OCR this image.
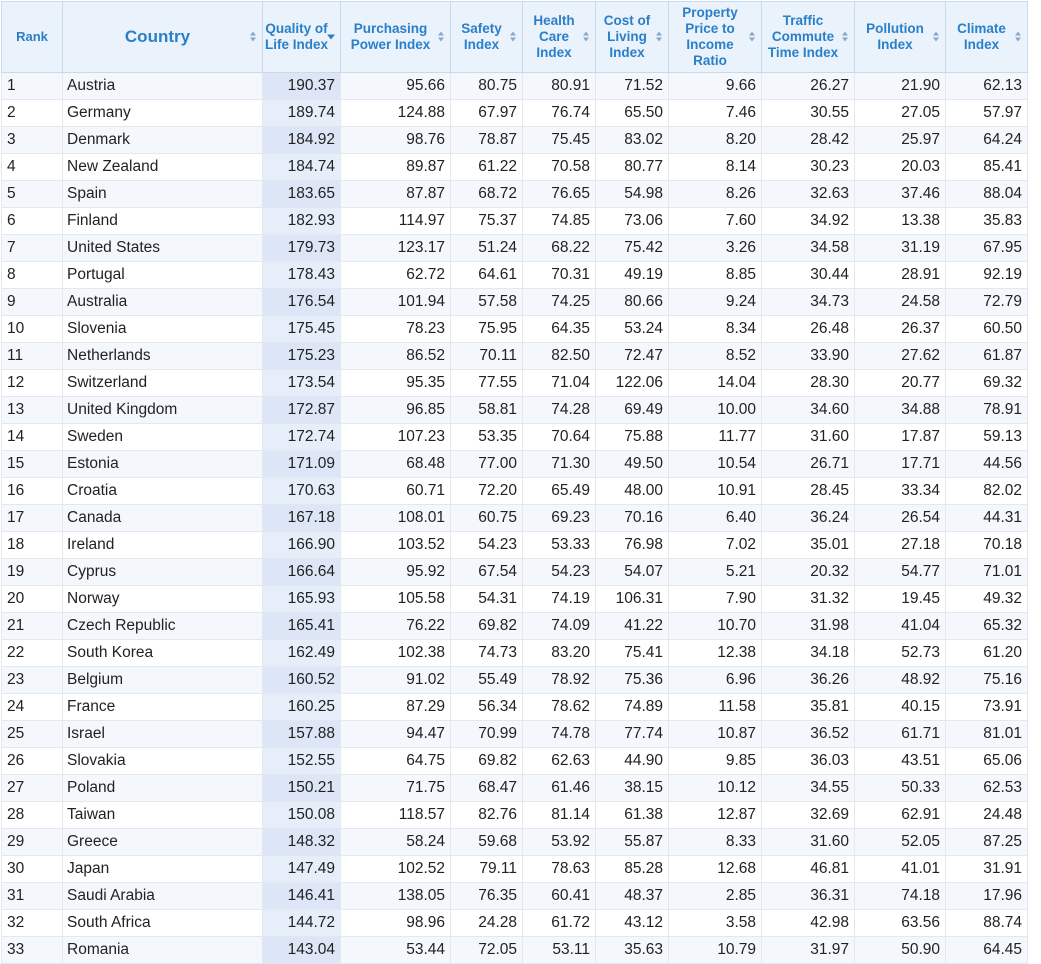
Rank	Country	Quality of Life Index	Purchasing Power Index	Safety Index	Health Care Index	Cost of Living Index	Property Price to Income Ratio	Traffic Commute Time Index	Pollution Index	Climate Index

1	Austria	190.37	95.66	80.75	80.91	71.52	9.66	26.27	21.90	62.13
2	Germany	189.74	124.88	67.97	76.74	65.50	7.46	30.55	27.05	57.97
3	Denmark	184.92	98.76	78.87	75.45	83.02	8.20	28.42	25.97	64.24
4	New Zealand	184.74	89.87	61.22	70.58	80.77	8.14	30.23	20.03	85.41
5	Spain	183.65	87.87	68.72	76.65	54.98	8.26	32.63	37.46	88.04
6	Finland	182.93	114.97	75.37	74.85	73.06	7.60	34.92	13.38	35.83
7	United States	179.73	123.17	51.24	68.22	75.42	3.26	34.58	31.19	67.95
8	Portugal	178.43	62.72	64.61	70.31	49.19	8.85	30.44	28.91	92.19
9	Australia	176.54	101.94	57.58	74.25	80.66	9.24	34.73	24.58	72.79
10	Slovenia	175.45	78.23	75.95	64.35	53.24	8.34	26.48	26.37	60.50
11	Netherlands	175.23	86.52	70.11	82.50	72.47	8.52	33.90	27.62	61.87
12	Switzerland	173.54	95.35	77.55	71.04	122.06	14.04	28.30	20.77	69.32
13	United Kingdom	172.87	96.85	58.81	74.28	69.49	10.00	34.60	34.88	78.91
14	Sweden	172.74	107.23	53.35	70.64	75.88	11.77	31.60	17.87	59.13
15	Estonia	171.09	68.48	77.00	71.30	49.50	10.54	26.71	17.71	44.56
16	Croatia	170.63	60.71	72.20	65.49	48.00	10.91	28.45	33.34	82.02
17	Canada	167.18	108.01	60.75	69.23	70.16	6.40	36.24	26.54	44.31
18	Ireland	166.90	103.52	54.23	53.33	76.98	7.02	35.01	27.18	70.18
19	Cyprus	166.64	95.92	67.54	54.23	54.07	5.21	20.32	54.77	71.01
20	Norway	165.93	105.58	54.31	74.19	106.31	7.90	31.32	19.45	49.32
21	Czech Republic	165.41	76.22	69.82	74.09	41.22	10.70	31.98	41.04	65.32
22	South Korea	162.49	102.38	74.73	83.20	75.41	12.38	34.18	52.73	61.20
23	Belgium	160.52	91.02	55.49	78.92	75.36	6.96	36.26	48.92	75.16
24	France	160.25	87.29	56.34	78.62	74.89	11.58	35.81	40.15	73.91
25	Israel	157.88	94.47	70.99	74.78	77.74	10.87	36.52	61.71	81.01
26	Slovakia	152.55	64.75	69.82	62.63	44.90	9.85	36.03	43.51	65.06
27	Poland	150.21	71.75	68.47	61.46	38.15	10.12	34.55	50.33	62.53
28	Taiwan	150.08	118.57	82.76	81.14	61.38	12.87	32.69	62.91	24.48
29	Greece	148.32	58.24	59.68	53.92	55.87	8.33	31.60	52.05	87.25
30	Japan	147.49	102.52	79.11	78.63	85.28	12.68	46.81	41.01	31.91
31	Saudi Arabia	146.41	138.05	76.35	60.41	48.37	2.85	36.31	74.18	17.96
32	South Africa	144.72	98.96	24.28	61.72	43.12	3.58	42.98	63.56	88.74
33	Romania	143.04	53.44	72.05	53.11	35.63	10.79	31.97	50.90	64.45
